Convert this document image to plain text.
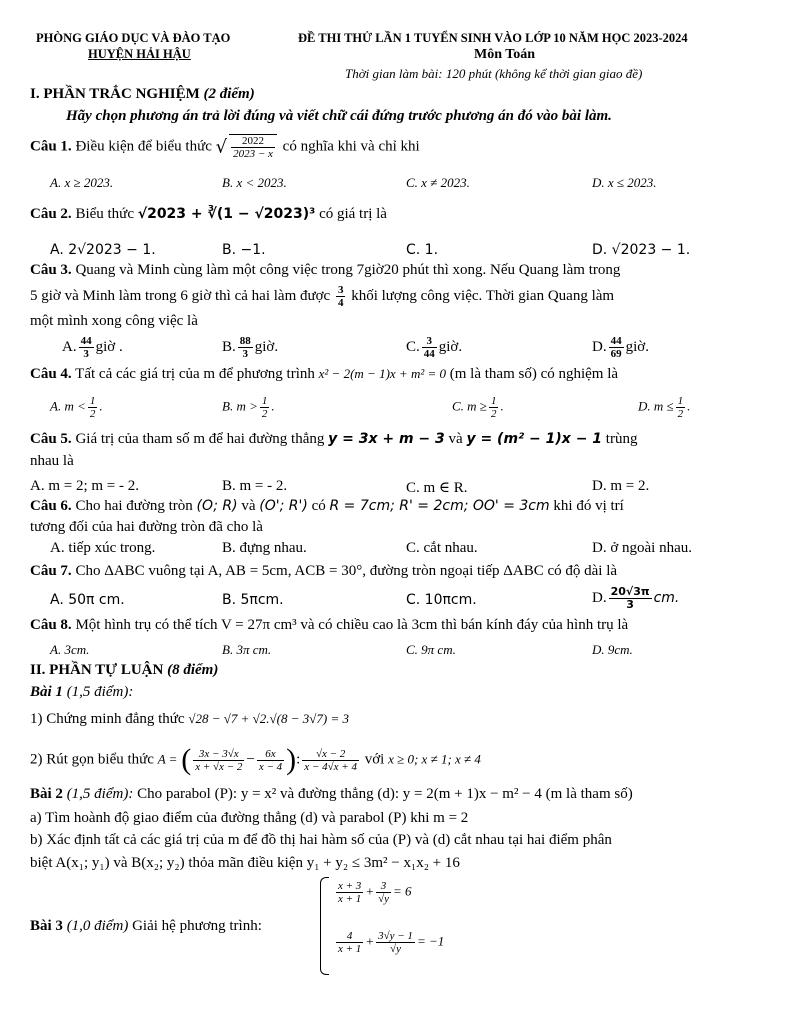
PHÒNG GIÁO DỤC VÀ ĐÀO TẠO
HUYỆN HẢI HẬU
ĐỀ THI THỬ LẦN 1 TUYỂN SINH VÀO LỚP 10 NĂM HỌC 2023-2024
Môn Toán
Thời gian làm bài: 120 phút (không kể thời gian giao đề)
I. PHẦN TRẮC NGHIỆM (2 điểm)
Hãy chọn phương án trả lời đúng và viết chữ cái đứng trước phương án đó vào bài làm.
Câu 1. Điều kiện để biểu thức √ $\frac{2022}{2023 - x}$ có nghĩa khi và chỉ khi
A. x ≥ 2023.	B. x < 2023.	C. x ≠ 2023.	D. x ≤ 2023.
Câu 2. Biểu thức √2023 + ∛(1 − √2023)³ có giá trị là
A. 2√2023 − 1.	B. −1.	C. 1.	D. √2023 − 1.
Câu 3. Quang và Minh cùng làm một công việc trong 7giờ20 phút thì xong. Nếu Quang làm trong
5 giờ và Minh làm trong 6 giờ thì cả hai làm được $\frac{3}{4}$ khối lượng công việc. Thời gian Quang làm
một mình xong công việc là
A. $\frac{44}{3}$ giờ .	B. $\frac{88}{3}$ giờ.	C. $\frac{3}{44}$ giờ.	D. $\frac{44}{69}$ giờ.
Câu 4. Tất cả các giá trị của m để phương trình x² − 2(m − 1)x + m² = 0 (m là tham số) có nghiệm là
A. $m < \frac{1}{2}$ .	B. $m > \frac{1}{2}$ .	C. $m \ge \frac{1}{2}$ .	D. $m \le \frac{1}{2}$ .
Câu 5. Giá trị của tham số m để hai đường thẳng y = 3x + m − 3 và y = (m² − 1)x − 1 trùng
nhau là
A. m = 2; m = - 2.	B. m = - 2.	C. m ∈ R.	D. m = 2.
Câu 6. Cho hai đường tròn (O; R) và (O'; R') có R = 7cm; R' = 2cm; OO' = 3cm khi đó vị trí
tương đối của hai đường tròn đã cho là
A. tiếp xúc trong.	B. đựng nhau.	C. cắt nhau.	D. ở ngoài nhau.
Câu 7. Cho ΔABC vuông tại A, AB = 5cm, ACB = 30°, đường tròn ngoại tiếp ΔABC có độ dài là
A. 50π cm.	B. 5πcm.	C. 10πcm.	D. $\frac{20√3\pi}{3}$ cm.
Câu 8. Một hình trụ có thể tích V = 27π cm³ và có chiều cao là 3cm thì bán kính đáy của hình trụ là
A. 3cm.	B. 3π cm.	C. 9π cm.	D. 9cm.
II. PHẦN TỰ LUẬN (8 điểm)
Bài 1 (1,5 điểm):
1) Chứng minh đẳng thức √28 − √7 + √2.√(8 − 3√7) = 3
2) Rút gọn biểu thức A = ( $\frac{3x - 3√x}{x + √x - 2} - \frac{6x}{x - 4}$ ): $\frac{√x - 2}{x - 4√x + 4}$ với x ≥ 0; x ≠ 1; x ≠ 4
Bài 2 (1,5 điểm): Cho parabol (P): y = x² và đường thẳng (d): y = 2(m + 1)x − m² − 4 (m là tham số)
a) Tìm hoành độ giao điểm của đường thẳng (d) và parabol (P) khi m = 2
b) Xác định tất cả các giá trị của m để đồ thị hai hàm số của (P) và (d) cắt nhau tại hai điểm phân
biệt A(x₁; y₁) và B(x₂; y₂) thỏa mãn điều kiện y₁ + y₂ ≤ 3m² − x₁x₂ + 16
Bài 3 (1,0 điểm) Giải hệ phương trình:
$\frac{x + 3}{x + 1} + \frac{3}{√y} = 6$
$\frac{4}{x + 1} + \frac{3√y - 1}{√y} = -1$
